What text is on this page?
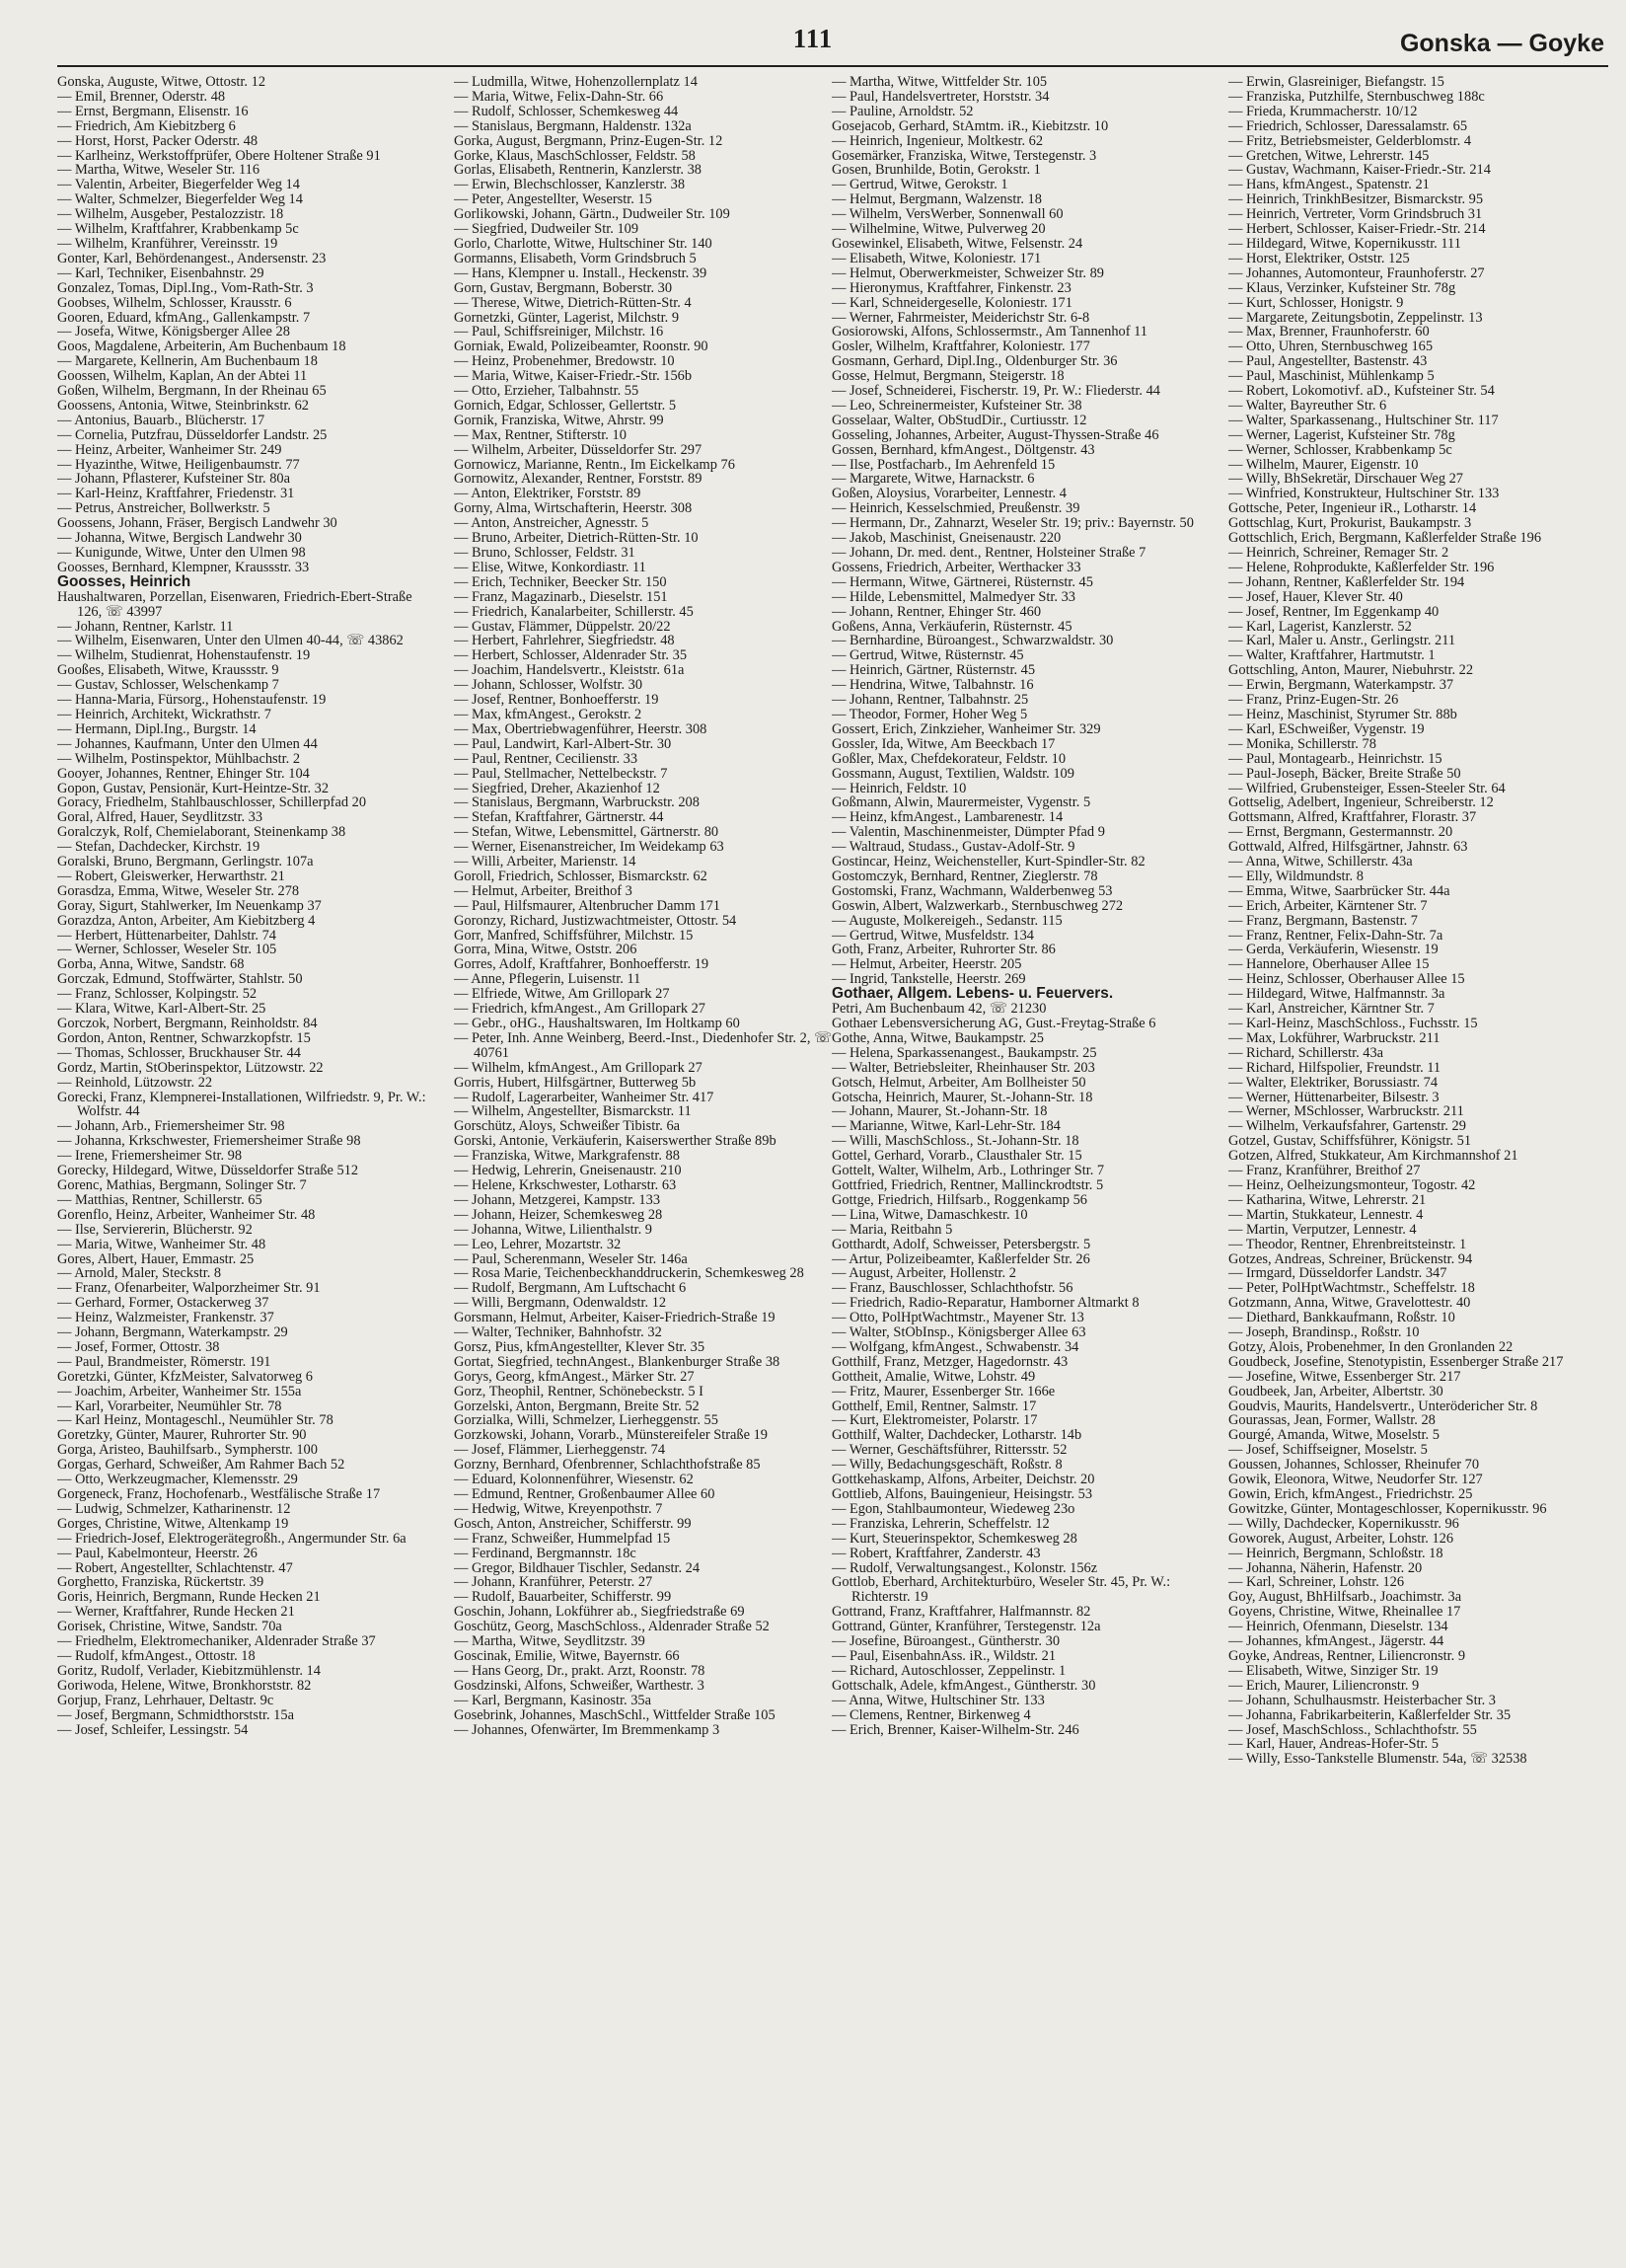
111	Gonska — Goyke
Gonska, Auguste, Witwe, Ottostr. 12
— Emil, Brenner, Oderstr. 48
— Ernst, Bergmann, Elisenstr. 16
— Friedrich, Am Kiebitzberg 6
— Horst, Horst, Packer Oderstr. 48
— Karlheinz, Werkstoffprüfer, Obere Holtener Straße 91
— Martha, Witwe, Weseler Str. 116
— Valentin, Arbeiter, Biegerfelder Weg 14
— Walter, Schmelzer, Biegerfelder Weg 14
— Wilhelm, Ausgeber, Pestalozzistr. 18
— Wilhelm, Kraftfahrer, Krabbenkamp 5c
— Wilhelm, Kranführer, Vereinsstr. 19
Gonter, Karl, Behördenangest., Andersenstr. 23
— Karl, Techniker, Eisenbahnstr. 29
Gonzalez, Tomas, Dipl.Ing., Vom-Rath-Str. 3
Goobses, Wilhelm, Schlosser, Krausstr. 6
Gooren, Eduard, kfmAng., Gallenkampstr. 7
— Josefa, Witwe, Königsberger Allee 28
Goos, Magdalene, Arbeiterin, Am Buchenbaum 18
— Margarete, Kellnerin, Am Buchenbaum 18
Goossen, Wilhelm, Kaplan, An der Abtei 11
Goßen, Wilhelm, Bergmann, In der Rheinau 65
Goossens, Antonia, Witwe, Steinbrinkstr. 62
— Antonius, Bauarb., Blücherstr. 17
— Cornelia, Putzfrau, Düsseldorfer Landstr. 25
— Heinz, Arbeiter, Wanheimer Str. 249
— Hyazinthe, Witwe, Heiligenbaumstr. 77
— Johann, Pflasterer, Kufsteiner Str. 80a
— Karl-Heinz, Kraftfahrer, Friedenstr. 31
— Petrus, Anstreicher, Bollwerkstr. 5
Goossens, Johann, Fräser, Bergisch Landwehr 30
— Johanna, Witwe, Bergisch Landwehr 30
— Kunigunde, Witwe, Unter den Ulmen 98
Goosses, Bernhard, Klempner, Kraussstr. 33
Goosses, Heinrich
Haushaltwaren, Porzellan, Eisenwaren, Friedrich-Ebert-Straße 126, ☏ 43997
— Johann, Rentner, Karlstr. 11
— Wilhelm, Eisenwaren, Unter den Ulmen 40-44, ☏ 43862
— Wilhelm, Studienrat, Hohenstaufenstr. 19
Gooßes, Elisabeth, Witwe, Kraussstr. 9
— Gustav, Schlosser, Welschenkamp 7
— Hanna-Maria, Fürsorg., Hohenstaufenstr. 19
— Heinrich, Architekt, Wickrathstr. 7
— Hermann, Dipl.Ing., Burgstr. 14
— Johannes, Kaufmann, Unter den Ulmen 44
— Wilhelm, Postinspektor, Mühlbachstr. 2
Gooyer, Johannes, Rentner, Ehinger Str. 104
Gopon, Gustav, Pensionär, Kurt-Heintze-Str. 32
Goracy, Friedhelm, Stahlbauschlosser, Schillerpfad 20
Goral, Alfred, Hauer, Seydlitzstr. 33
Goralczyk, Rolf, Chemielaborant, Steinenkamp 38
— Stefan, Dachdecker, Kirchstr. 19
Goralski, Bruno, Bergmann, Gerlingstr. 107a
— Robert, Gleiswerker, Herwarthstr. 21
Gorasdza, Emma, Witwe, Weseler Str. 278
Goray, Sigurt, Stahlwerker, Im Neuenkamp 37
Gorazdza, Anton, Arbeiter, Am Kiebitzberg 4
— Herbert, Hüttenarbeiter, Dahlstr. 74
— Werner, Schlosser, Weseler Str. 105
Gorba, Anna, Witwe, Sandstr. 68
Gorczak, Edmund, Stoffwärter, Stahlstr. 50
— Franz, Schlosser, Kolpingstr. 52
— Klara, Witwe, Karl-Albert-Str. 25
Gorczok, Norbert, Bergmann, Reinholdstr. 84
Gordon, Anton, Rentner, Schwarzkopfstr. 15
— Thomas, Schlosser, Bruckhauser Str. 44
Gordz, Martin, StOberinspektor, Lützowstr. 22
— Reinhold, Lützowstr. 22
Gorecki, Franz, Klempnerei-Installationen, Wilfriedstr. 9, Pr. W.: Wolfstr. 44
— Johann, Arb., Friemersheimer Str. 98
— Johanna, Krkschwester, Friemersheimer Straße 98
— Irene, Friemersheimer Str. 98
Gorecky, Hildegard, Witwe, Düsseldorfer Straße 512
Gorenc, Mathias, Bergmann, Solinger Str. 7
— Matthias, Rentner, Schillerstr. 65
Gorenflo, Heinz, Arbeiter, Wanheimer Str. 48
— Ilse, Serviererin, Blücherstr. 92
— Maria, Witwe, Wanheimer Str. 48
Gores, Albert, Hauer, Emmastr. 25
— Arnold, Maler, Steckstr. 8
— Franz, Ofenarbeiter, Walporzheimer Str. 91
— Gerhard, Former, Ostackerweg 37
— Heinz, Walzmeister, Frankenstr. 37
— Johann, Bergmann, Waterkampstr. 29
— Josef, Former, Ottostr. 38
— Paul, Brandmeister, Römerstr. 191
Goretzki, Günter, KfzMeister, Salvatorweg 6
— Joachim, Arbeiter, Wanheimer Str. 155a
— Karl, Vorarbeiter, Neumühler Str. 78
— Karl Heinz, Montageschl., Neumühler Str. 78
Goretzky, Günter, Maurer, Ruhrorter Str. 90
Gorga, Aristeo, Bauhilfsarb., Sympherstr. 100
Gorgas, Gerhard, Schweißer, Am Rahmer Bach 52
— Otto, Werkzeugmacher, Klemensstr. 29
Gorgeneck, Franz, Hochofenarb., Westfälische Straße 17
— Ludwig, Schmelzer, Katharinenstr. 12
Gorges, Christine, Witwe, Altenkamp 19
— Friedrich-Josef, Elektrogerätegroßh., Angermunder Str. 6a
— Paul, Kabelmonteur, Heerstr. 26
— Robert, Angestellter, Schlachtenstr. 47
Gorghetto, Franziska, Rückertstr. 39
Goris, Heinrich, Bergmann, Runde Hecken 21
— Werner, Kraftfahrer, Runde Hecken 21
Gorisek, Christine, Witwe, Sandstr. 70a
— Friedhelm, Elektromechaniker, Aldenrader Straße 37
— Rudolf, kfmAngest., Ottostr. 18
Goritz, Rudolf, Verlader, Kiebitzmühlenstr. 14
Goriwoda, Helene, Witwe, Bronkhorststr. 82
Gorjup, Franz, Lehrhauer, Deltastr. 9c
— Josef, Bergmann, Schmidthorststr. 15a
— Josef, Schleifer, Lessingstr. 54
— Ludmilla, Witwe, Hohenzollernplatz 14
— Maria, Witwe, Felix-Dahn-Str. 66
— Rudolf, Schlosser, Schemkesweg 44
— Stanislaus, Bergmann, Haldenstr. 132a
Gorka, August, Bergmann, Prinz-Eugen-Str. 12
Gorke, Klaus, MaschSchlosser, Feldstr. 58
Gorlas, Elisabeth, Rentnerin, Kanzlerstr. 38
— Erwin, Blechschlosser, Kanzlerstr. 38
— Peter, Angestellter, Weserstr. 15
Gorlikowski, Johann, Gärtn., Dudweiler Str. 109
— Siegfried, Dudweiler Str. 109
Gorlo, Charlotte, Witwe, Hultschiner Str. 140
Gormanns, Elisabeth, Vorm Grindsbruch 5
— Hans, Klempner u. Install., Heckenstr. 39
Gorn, Gustav, Bergmann, Boberstr. 30
— Therese, Witwe, Dietrich-Rütten-Str. 4
Gornetzki, Günter, Lagerist, Milchstr. 9
— Paul, Schiffsreiniger, Milchstr. 16
Gorniak, Ewald, Polizeibeamter, Roonstr. 90
— Heinz, Probenehmer, Bredowstr. 10
— Maria, Witwe, Kaiser-Friedr.-Str. 156b
— Otto, Erzieher, Talbahnstr. 55
Gornich, Edgar, Schlosser, Gellertstr. 5
Gornik, Franziska, Witwe, Ahrstr. 99
— Max, Rentner, Stifterstr. 10
— Wilhelm, Arbeiter, Düsseldorfer Str. 297
Gornowicz, Marianne, Rentn., Im Eickelkamp 76
Gornowitz, Alexander, Rentner, Forststr. 89
— Anton, Elektriker, Forststr. 89
Gorny, Alma, Wirtschafterin, Heerstr. 308
— Anton, Anstreicher, Agnesstr. 5
— Bruno, Arbeiter, Dietrich-Rütten-Str. 10
— Bruno, Schlosser, Feldstr. 31
— Elise, Witwe, Konkordiastr. 11
— Erich, Techniker, Beecker Str. 150
— Franz, Magazinarb., Dieselstr. 151
— Friedrich, Kanalarbeiter, Schillerstr. 45
— Gustav, Flämmer, Düppelstr. 20/22
— Herbert, Fahrlehrer, Siegfriedstr. 48
— Herbert, Schlosser, Aldenrader Str. 35
— Joachim, Handelsvertr., Kleiststr. 61a
— Johann, Schlosser, Wolfstr. 30
— Josef, Rentner, Bonhoefferstr. 19
— Max, kfmAngest., Gerokstr. 2
— Max, Obertriebwagenführer, Heerstr. 308
— Paul, Landwirt, Karl-Albert-Str. 30
— Paul, Rentner, Cecilienstr. 33
— Paul, Stellmacher, Nettelbeckstr. 7
— Siegfried, Dreher, Akazienhof 12
— Stanislaus, Bergmann, Warbruckstr. 208
— Stefan, Kraftfahrer, Gärtnerstr. 44
— Stefan, Witwe, Lebensmittel, Gärtnerstr. 80
— Werner, Eisenanstreicher, Im Weidekamp 63
— Willi, Arbeiter, Marienstr. 14
Goroll, Friedrich, Schlosser, Bismarckstr. 62
— Helmut, Arbeiter, Breithof 3
— Paul, Hilfsmaurer, Altenbrucher Damm 171
Goronzy, Richard, Justizwachtmeister, Ottostr. 54
Gorr, Manfred, Schiffsführer, Milchstr. 15
Gorra, Mina, Witwe, Oststr. 206
Gorres, Adolf, Kraftfahrer, Bonhoefferstr. 19
— Anne, Pflegerin, Luisenstr. 11
— Elfriede, Witwe, Am Grillopark 27
— Friedrich, kfmAngest., Am Grillopark 27
— Gebr., oHG., Haushaltswaren, Im Holtkamp 60
— Peter, Inh. Anne Weinberg, Beerd.-Inst., Diedenhofer Str. 2, ☏ 40761
— Wilhelm, kfmAngest., Am Grillopark 27
Gorris, Hubert, Hilfsgärtner, Butterweg 5b
— Rudolf, Lagerarbeiter, Wanheimer Str. 417
— Wilhelm, Angestellter, Bismarckstr. 11
Gorschütz, Aloys, Schweißer Tibistr. 6a
Gorski, Antonie, Verkäuferin, Kaiserswerther Straße 89b
— Franziska, Witwe, Markgrafenstr. 88
— Hedwig, Lehrerin, Gneisenaustr. 210
— Helene, Krkschwester, Lotharstr. 63
— Johann, Metzgerei, Kampstr. 133
— Johann, Heizer, Schemkesweg 28
— Johanna, Witwe, Lilienthalstr. 9
— Leo, Lehrer, Mozartstr. 32
— Paul, Scherenmann, Weseler Str. 146a
— Rosa Marie, Teichenbeckhanddruckerin, Schemkesweg 28
— Rudolf, Bergmann, Am Luftschacht 6
— Willi, Bergmann, Odenwaldstr. 12
Gorsmann, Helmut, Arbeiter, Kaiser-Friedrich-Straße 19
— Walter, Techniker, Bahnhofstr. 32
Gorsz, Pius, kfmAngestellter, Klever Str. 35
Gortat, Siegfried, technAngest., Blankenburger Straße 38
Gorys, Georg, kfmAngest., Märker Str. 27
Gorz, Theophil, Rentner, Schönebeckstr. 5 I
Gorzelski, Anton, Bergmann, Breite Str. 52
Gorzialka, Willi, Schmelzer, Lierheggenstr. 55
Gorzkowski, Johann, Vorarb., Münstereifeler Straße 19
— Josef, Flämmer, Lierheggenstr. 74
Gorzny, Bernhard, Ofenbrenner, Schlachthofstraße 85
— Eduard, Kolonnenführer, Wiesenstr. 62
— Edmund, Rentner, Großenbaumer Allee 60
— Hedwig, Witwe, Kreyenpothstr. 7
Gosch, Anton, Anstreicher, Schifferstr. 99
— Franz, Schweißer, Hummelpfad 15
— Ferdinand, Bergmannstr. 18c
— Gregor, Bildhauer Tischler, Sedanstr. 24
— Johann, Kranführer, Peterstr. 27
— Rudolf, Bauarbeiter, Schifferstr. 99
Goschin, Johann, Lokführer ab., Siegfriedstraße 69
Goschütz, Georg, MaschSchloss., Aldenrader Straße 52
— Martha, Witwe, Seydlitzstr. 39
Goscinak, Emilie, Witwe, Bayernstr. 66
— Hans Georg, Dr., prakt. Arzt, Roonstr. 78
Gosdzinski, Alfons, Schweißer, Warthestr. 3
— Karl, Bergmann, Kasinostr. 35a
Gosebrink, Johannes, MaschSchl., Wittfelder Straße 105
— Johannes, Ofenwärter, Im Bremmenkamp 3
— Martha, Witwe, Wittfelder Str. 105
— Paul, Handelsvertreter, Horststr. 34
— Pauline, Arnoldstr. 52
Gosejacob, Gerhard, StAmtm. iR., Kiebitzstr. 10
— Heinrich, Ingenieur, Moltkestr. 62
Gosemärker, Franziska, Witwe, Terstegenstr. 3
Gosen, Brunhilde, Botin, Gerokstr. 1
— Gertrud, Witwe, Gerokstr. 1
— Helmut, Bergmann, Walzenstr. 18
— Wilhelm, VersWerber, Sonnenwall 60
— Wilhelmine, Witwe, Pulverweg 20
Gosewinkel, Elisabeth, Witwe, Felsenstr. 24
— Elisabeth, Witwe, Koloniestr. 171
— Helmut, Oberwerkmeister, Schweizer Str. 89
— Hieronymus, Kraftfahrer, Finkenstr. 23
— Karl, Schneidergeselle, Koloniestr. 171
— Werner, Fahrmeister, Meiderichstr Str. 6-8
Gosiorowski, Alfons, Schlossermstr., Am Tannenhof 11
Gosler, Wilhelm, Kraftfahrer, Koloniestr. 177
Gosmann, Gerhard, Dipl.Ing., Oldenburger Str. 36
Gosse, Helmut, Bergmann, Steigerstr. 18
— Josef, Schneiderei, Fischerstr. 19, Pr. W.: Fliederstr. 44
— Leo, Schreinermeister, Kufsteiner Str. 38
Gosselaar, Walter, ObStudDir., Curtiusstr. 12
Gosseling, Johannes, Arbeiter, August-Thyssen-Straße 46
Gossen, Bernhard, kfmAngest., Döltgenstr. 43
— Ilse, Postfacharb., Im Aehrenfeld 15
— Margarete, Witwe, Harnackstr. 6
Goßen, Aloysius, Vorarbeiter, Lennestr. 4
— Heinrich, Kesselschmied, Preußenstr. 39
— Hermann, Dr., Zahnarzt, Weseler Str. 19; priv.: Bayernstr. 50
— Jakob, Maschinist, Gneisenaustr. 220
— Johann, Dr. med. dent., Rentner, Holsteiner Straße 7
Gossens, Friedrich, Arbeiter, Werthacker 33
— Hermann, Witwe, Gärtnerei, Rüsternstr. 45
— Hilde, Lebensmittel, Malmedyer Str. 33
— Johann, Rentner, Ehinger Str. 460
Goßens, Anna, Verkäuferin, Rüsternstr. 45
— Bernhardine, Büroangest., Schwarzwaldstr. 30
— Gertrud, Witwe, Rüsternstr. 45
— Heinrich, Gärtner, Rüsternstr. 45
— Hendrina, Witwe, Talbahnstr. 16
— Johann, Rentner, Talbahnstr. 25
— Theodor, Former, Hoher Weg 5
Gossert, Erich, Zinkzieher, Wanheimer Str. 329
Gossler, Ida, Witwe, Am Beeckbach 17
Goßler, Max, Chefdekorateur, Feldstr. 10
Gossmann, August, Textilien, Waldstr. 109
— Heinrich, Feldstr. 10
Goßmann, Alwin, Maurermeister, Vygenstr. 5
— Heinz, kfmAngest., Lambarenestr. 14
— Valentin, Maschinenmeister, Dümpter Pfad 9
— Waltraud, Studass., Gustav-Adolf-Str. 9
Gostincar, Heinz, Weichensteller, Kurt-Spindler-Str. 82
Gostomczyk, Bernhard, Rentner, Zieglerstr. 78
Gostomski, Franz, Wachmann, Walderbenweg 53
Goswin, Albert, Walzwerkarb., Sternbuschweg 272
— Auguste, Molkereigeh., Sedanstr. 115
— Gertrud, Witwe, Musfeldstr. 134
Goth, Franz, Arbeiter, Ruhrorter Str. 86
— Helmut, Arbeiter, Heerstr. 205
— Ingrid, Tankstelle, Heerstr. 269
Gothaer, Allgem. Lebens- u. Feuervers.
Petri, Am Buchenbaum 42, ☏ 21230
Gothaer Lebensversicherung AG, Gust.-Freytag-Straße 6
Gothe, Anna, Witwe, Baukampstr. 25
— Helena, Sparkassenangest., Baukampstr. 25
— Walter, Betriebsleiter, Rheinhauser Str. 203
Gotsch, Helmut, Arbeiter, Am Bollheister 50
Gotscha, Heinrich, Maurer, St.-Johann-Str. 18
— Johann, Maurer, St.-Johann-Str. 18
— Marianne, Witwe, Karl-Lehr-Str. 184
— Willi, MaschSchloss., St.-Johann-Str. 18
Gottel, Gerhard, Vorarb., Clausthaler Str. 15
Gottelt, Walter, Wilhelm, Arb., Lothringer Str. 7
Gottfried, Friedrich, Rentner, Mallinckrodtstr. 5
Gottge, Friedrich, Hilfsarb., Roggenkamp 56
— Lina, Witwe, Damaschkestr. 10
— Maria, Reitbahn 5
Gotthardt, Adolf, Schweisser, Petersbergstr. 5
— Artur, Polizeibeamter, Kaßlerfelder Str. 26
— August, Arbeiter, Hollenstr. 2
— Franz, Bauschlosser, Schlachthofstr. 56
— Friedrich, Radio-Reparatur, Hamborner Altmarkt 8
— Otto, PolHptWachtmstr., Mayener Str. 13
— Walter, StObInsp., Königsberger Allee 63
— Wolfgang, kfmAngest., Schwabenstr. 34
Gotthilf, Franz, Metzger, Hagedornstr. 43
Gottheit, Amalie, Witwe, Lohstr. 49
— Fritz, Maurer, Essenberger Str. 166e
Gotthelf, Emil, Rentner, Salmstr. 17
— Kurt, Elektromeister, Polarstr. 17
Gotthilf, Walter, Dachdecker, Lotharstr. 14b
— Werner, Geschäftsführer, Rittersstr. 52
— Willy, Bedachungsgeschäft, Roßstr. 8
Gottkehaskamp, Alfons, Arbeiter, Deichstr. 20
Gottlieb, Alfons, Bauingenieur, Heisingstr. 53
— Egon, Stahlbaumonteur, Wiedeweg 23o
— Franziska, Lehrerin, Scheffelstr. 12
— Kurt, Steuerinspektor, Schemkesweg 28
— Robert, Kraftfahrer, Zanderstr. 43
— Rudolf, Verwaltungsangest., Kolonstr. 156z
Gottlob, Eberhard, Architekturbüro, Weseler Str. 45, Pr. W.: Richterstr. 19
Gottrand, Franz, Kraftfahrer, Halfmannstr. 82
Gottrand, Günter, Kranführer, Terstegenstr. 12a
— Josefine, Büroangest., Güntherstr. 30
— Paul, EisenbahnAss. iR., Wildstr. 21
— Richard, Autoschlosser, Zeppelinstr. 1
Gottschalk, Adele, kfmAngest., Güntherstr. 30
— Anna, Witwe, Hultschiner Str. 133
— Clemens, Rentner, Birkenweg 4
— Erich, Brenner, Kaiser-Wilhelm-Str. 246
— Erwin, Glasreiniger, Biefangstr. 15
— Franziska, Putzhilfe, Sternbuschweg 188c
— Frieda, Krummacherstr. 10/12
— Friedrich, Schlosser, Daressalamstr. 65
— Fritz, Betriebsmeister, Gelderblomstr. 4
— Gretchen, Witwe, Lehrerstr. 145
— Gustav, Wachmann, Kaiser-Friedr.-Str. 214
— Hans, kfmAngest., Spatenstr. 21
— Heinrich, TrinkhBesitzer, Bismarckstr. 95
— Heinrich, Vertreter, Vorm Grindsbruch 31
— Herbert, Schlosser, Kaiser-Friedr.-Str. 214
— Hildegard, Witwe, Kopernikusstr. 111
— Horst, Elektriker, Oststr. 125
— Johannes, Automonteur, Fraunhoferstr. 27
— Klaus, Verzinker, Kufsteiner Str. 78g
— Kurt, Schlosser, Honigstr. 9
— Margarete, Zeitungsbotin, Zeppelinstr. 13
— Max, Brenner, Fraunhoferstr. 60
— Otto, Uhren, Sternbuschweg 165
— Paul, Angestellter, Bastenstr. 43
— Paul, Maschinist, Mühlenkamp 5
— Robert, Lokomotivf. aD., Kufsteiner Str. 54
— Walter, Bayreuther Str. 6
— Walter, Sparkassenang., Hultschiner Str. 117
— Werner, Lagerist, Kufsteiner Str. 78g
— Werner, Schlosser, Krabbenkamp 5c
— Wilhelm, Maurer, Eigenstr. 10
— Willy, BhSekretär, Dirschauer Weg 27
— Winfried, Konstrukteur, Hultschiner Str. 133
Gottsche, Peter, Ingenieur iR., Lotharstr. 14
Gottschlag, Kurt, Prokurist, Baukampstr. 3
Gottschlich, Erich, Bergmann, Kaßlerfelder Straße 196
— Heinrich, Schreiner, Remager Str. 2
— Helene, Rohprodukte, Kaßlerfelder Str. 196
— Johann, Rentner, Kaßlerfelder Str. 194
— Josef, Hauer, Klever Str. 40
— Josef, Rentner, Im Eggenkamp 40
— Karl, Lagerist, Kanzlerstr. 52
— Karl, Maler u. Anstr., Gerlingstr. 211
— Walter, Kraftfahrer, Hartmutstr. 1
Gottschling, Anton, Maurer, Niebuhrstr. 22
— Erwin, Bergmann, Waterkampstr. 37
— Franz, Prinz-Eugen-Str. 26
— Heinz, Maschinist, Styrumer Str. 88b
— Karl, ESchweißer, Vygenstr. 19
— Monika, Schillerstr. 78
— Paul, Montagearb., Heinrichstr. 15
— Paul-Joseph, Bäcker, Breite Straße 50
— Wilfried, Grubensteiger, Essen-Steeler Str. 64
Gottselig, Adelbert, Ingenieur, Schreiberstr. 12
Gottsmann, Alfred, Kraftfahrer, Florastr. 37
— Ernst, Bergmann, Gestermannstr. 20
Gottwald, Alfred, Hilfsgärtner, Jahnstr. 63
— Anna, Witwe, Schillerstr. 43a
— Elly, Wildmundstr. 8
— Emma, Witwe, Saarbrücker Str. 44a
— Erich, Arbeiter, Kärntener Str. 7
— Franz, Bergmann, Bastenstr. 7
— Franz, Rentner, Felix-Dahn-Str. 7a
— Gerda, Verkäuferin, Wiesenstr. 19
— Hannelore, Oberhauser Allee 15
— Heinz, Schlosser, Oberhauser Allee 15
— Hildegard, Witwe, Halfmannstr. 3a
— Karl, Anstreicher, Kärntner Str. 7
— Karl-Heinz, MaschSchloss., Fuchsstr. 15
— Max, Lokführer, Warbruckstr. 211
— Richard, Schillerstr. 43a
— Richard, Hilfspolier, Freundstr. 11
— Walter, Elektriker, Borussiastr. 74
— Werner, Hüttenarbeiter, Bilsestr. 3
— Werner, MSchlosser, Warbruckstr. 211
— Wilhelm, Verkaufsfahrer, Gartenstr. 29
Gotzel, Gustav, Schiffsführer, Königstr. 51
Gotzen, Alfred, Stukkateur, Am Kirchmannshof 21
— Franz, Kranführer, Breithof 27
— Heinz, Oelheizungsmonteur, Togostr. 42
— Katharina, Witwe, Lehrerstr. 21
— Martin, Stukkateur, Lennestr. 4
— Martin, Verputzer, Lennestr. 4
— Theodor, Rentner, Ehrenbreitsteinstr. 1
Gotzes, Andreas, Schreiner, Brückenstr. 94
— Irmgard, Düsseldorfer Landstr. 347
— Peter, PolHptWachtmstr., Scheffelstr. 18
Gotzmann, Anna, Witwe, Gravelottestr. 40
— Diethard, Bankkaufmann, Roßstr. 10
— Joseph, Brandinsp., Roßstr. 10
Gotzy, Alois, Probenehmer, In den Gronlanden 22
Goudbeck, Josefine, Stenotypistin, Essenberger Straße 217
— Josefine, Witwe, Essenberger Str. 217
Goudbeek, Jan, Arbeiter, Albertstr. 30
Goudvis, Maurits, Handelsvertr., Unterödericher Str. 8
Gourassas, Jean, Former, Wallstr. 28
Gourgé, Amanda, Witwe, Moselstr. 5
— Josef, Schiffseigner, Moselstr. 5
Goussen, Johannes, Schlosser, Rheinufer 70
Gowik, Eleonora, Witwe, Neudorfer Str. 127
Gowin, Erich, kfmAngest., Friedrichstr. 25
Gowitzke, Günter, Montageschlosser, Kopernikusstr. 96
— Willy, Dachdecker, Kopernikusstr. 96
Goworek, August, Arbeiter, Lohstr. 126
— Heinrich, Bergmann, Schloßstr. 18
— Johanna, Näherin, Hafenstr. 20
— Karl, Schreiner, Lohstr. 126
Goy, August, BhHilfsarb., Joachimstr. 3a
Goyens, Christine, Witwe, Rheinallee 17
— Heinrich, Ofenmann, Dieselstr. 134
— Johannes, kfmAngest., Jägerstr. 44
Goyke, Andreas, Rentner, Liliencronstr. 9
— Elisabeth, Witwe, Sinziger Str. 19
— Erich, Maurer, Liliencronstr. 9
— Johann, Schulhausmstr. Heisterbacher Str. 3
— Johanna, Fabrikarbeiterin, Kaßlerfelder Str. 35
— Josef, MaschSchloss., Schlachthofstr. 55
— Karl, Hauer, Andreas-Hofer-Str. 5
— Willy, Esso-Tankstelle Blumenstr. 54a, ☏ 32538
